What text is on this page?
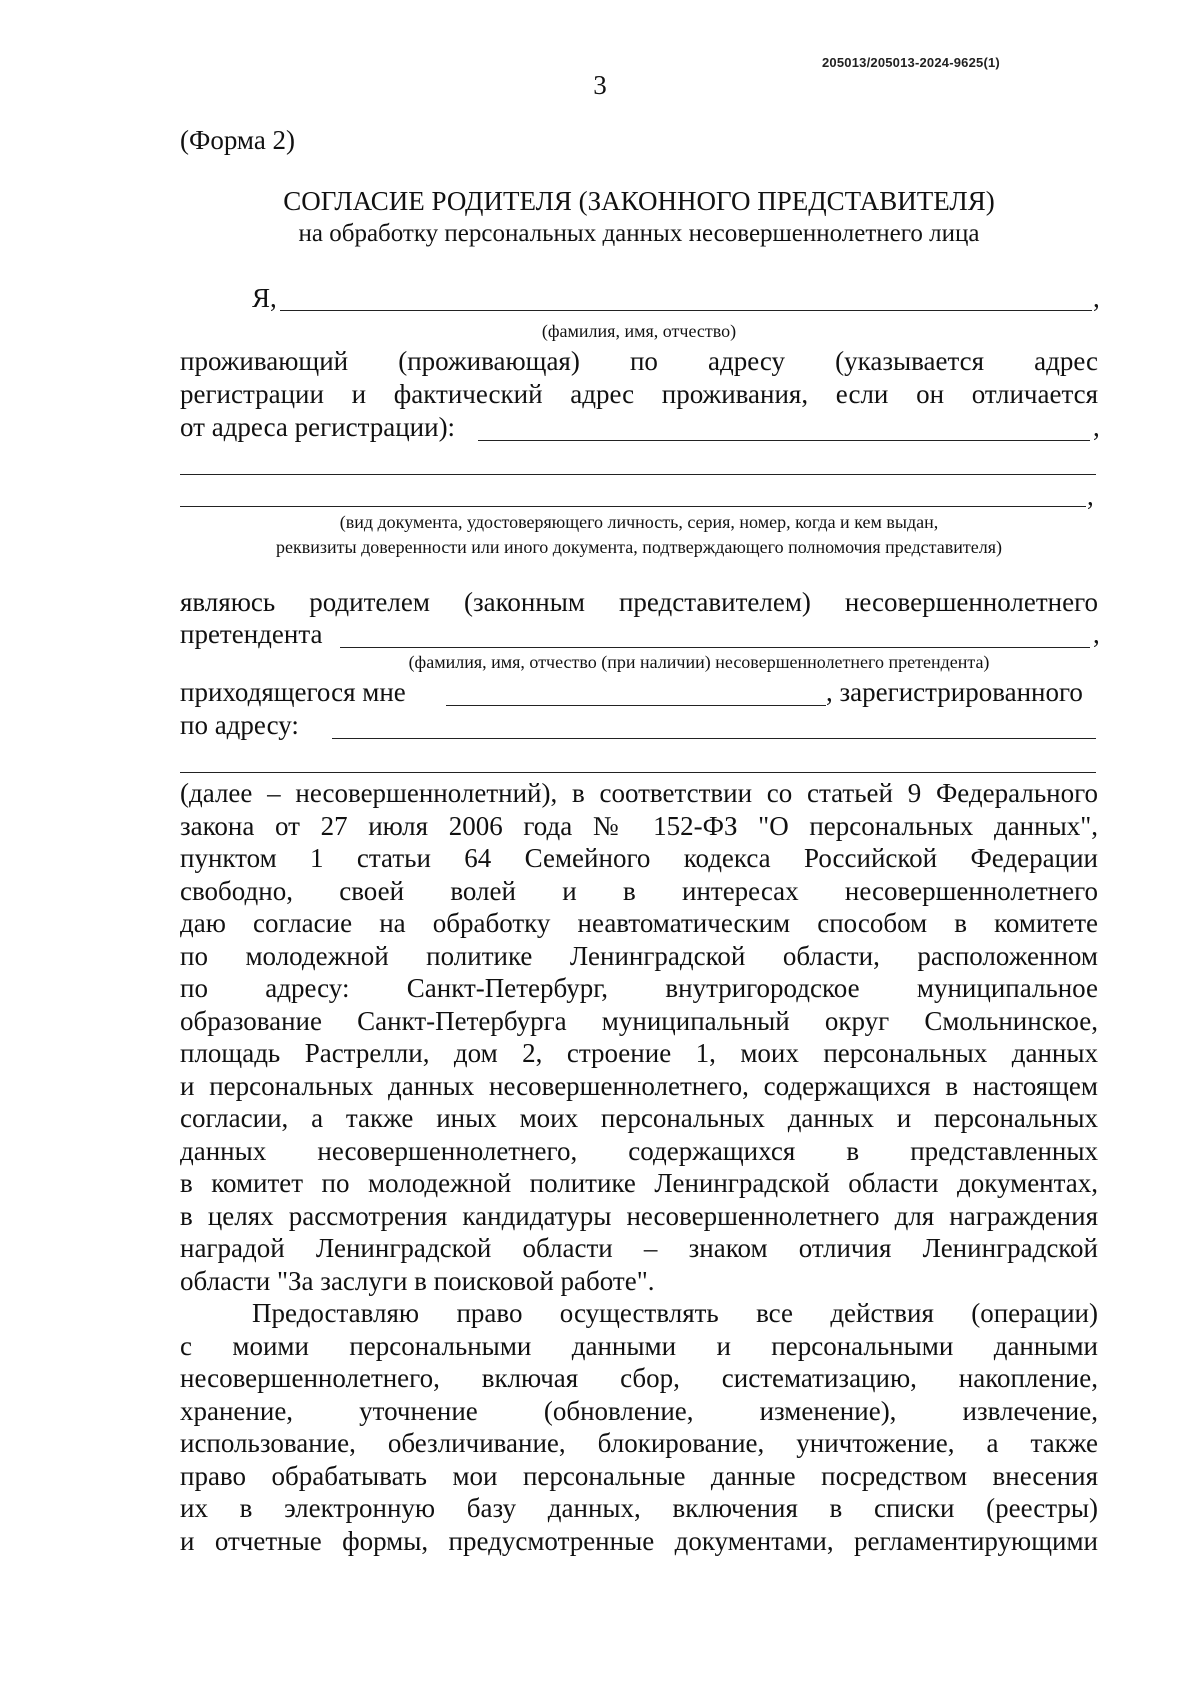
205013/205013-2024-9625(1)
3
(Форма 2)
СОГЛАСИЕ РОДИТЕЛЯ (ЗАКОННОГО ПРЕДСТАВИТЕЛЯ)
на обработку персональных данных несовершеннолетнего лица
Я,	,
(фамилия, имя, отчество)
проживающий (проживающая) по адресу (указывается адрес
регистрации и фактический адрес проживания, если он отличается
от адреса регистрации):	,
,
(вид документа, удостоверяющего личность, серия, номер, когда и кем выдан,
реквизиты доверенности или иного документа, подтверждающего полномочия представителя)
являюсь родителем (законным представителем) несовершеннолетнего
претендента	,
(фамилия, имя, отчество (при наличии) несовершеннолетнего претендента)
приходящегося мне	, зарегистрированного
по адресу:
(далее – несовершеннолетний), в соответствии со статьей 9 Федерального
закона от 27 июля 2006 года № 152-ФЗ "О персональных данных",
пунктом 1 статьи 64 Семейного кодекса Российской Федерации
свободно, своей волей и в интересах несовершеннолетнего
даю согласие на обработку неавтоматическим способом в комитете
по молодежной политике Ленинградской области, расположенном
по адресу: Санкт-Петербург, внутригородское муниципальное
образование Санкт-Петербурга муниципальный округ Смольнинское,
площадь Растрелли, дом 2, строение 1, моих персональных данных
и персональных данных несовершеннолетнего, содержащихся в настоящем
согласии, а также иных моих персональных данных и персональных
данных несовершеннолетнего, содержащихся в представленных
в комитет по молодежной политике Ленинградской области документах,
в целях рассмотрения кандидатуры несовершеннолетнего для награждения
наградой Ленинградской области – знаком отличия Ленинградской
области "За заслуги в поисковой работе".
Предоставляю право осуществлять все действия (операции)
с моими персональными данными и персональными данными
несовершеннолетнего, включая сбор, систематизацию, накопление,
хранение, уточнение (обновление, изменение), извлечение,
использование, обезличивание, блокирование, уничтожение, а также
право обрабатывать мои персональные данные посредством внесения
их в электронную базу данных, включения в списки (реестры)
и отчетные формы, предусмотренные документами, регламентирующими
